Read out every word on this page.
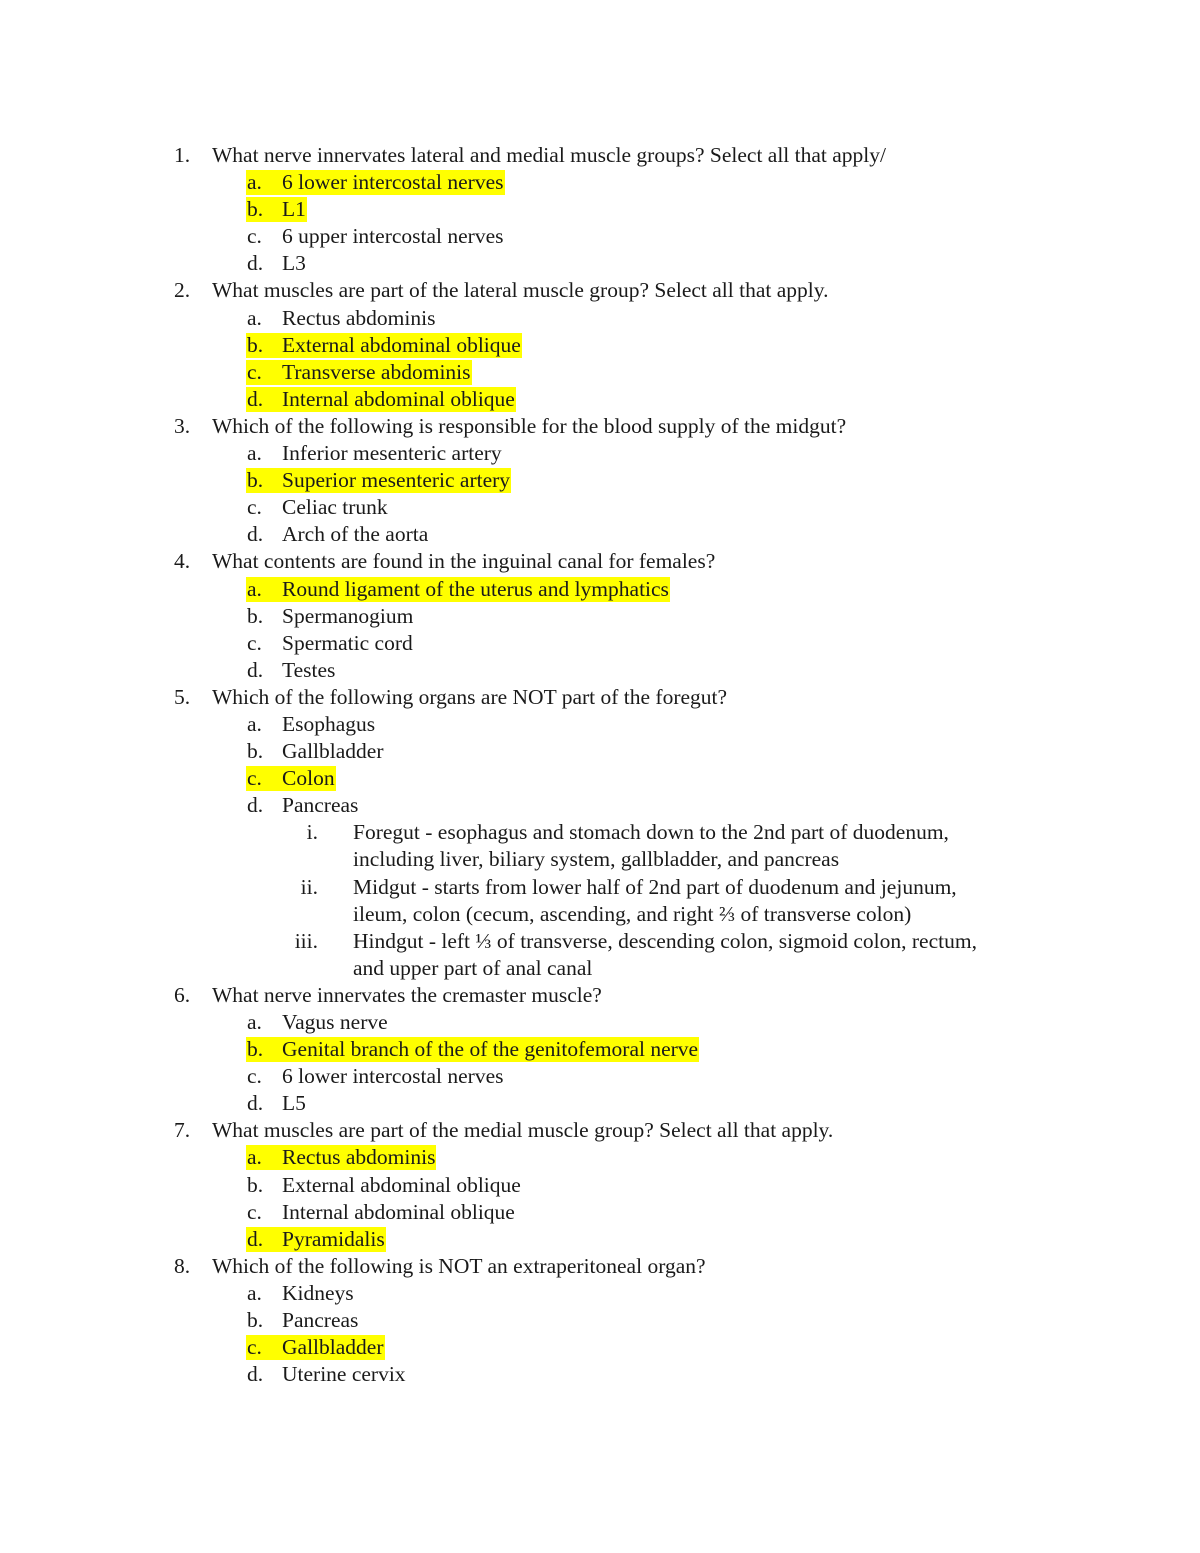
1. What nerve innervates lateral and medial muscle groups? Select all that apply/
a. 6 lower intercostal nerves
b. L1
c. 6 upper intercostal nerves
d. L3
2. What muscles are part of the lateral muscle group? Select all that apply.
a. Rectus abdominis
b. External abdominal oblique
c. Transverse abdominis
d. Internal abdominal oblique
3. Which of the following is responsible for the blood supply of the midgut?
a. Inferior mesenteric artery
b. Superior mesenteric artery
c. Celiac trunk
d. Arch of the aorta
4. What contents are found in the inguinal canal for females?
a. Round ligament of the uterus and lymphatics
b. Spermanogium
c. Spermatic cord
d. Testes
5. Which of the following organs are NOT part of the foregut?
a. Esophagus
b. Gallbladder
c. Colon
d. Pancreas
i. Foregut - esophagus and stomach down to the 2nd part of duodenum,
including liver, biliary system, gallbladder, and pancreas
ii. Midgut - starts from lower half of 2nd part of duodenum and jejunum,
ileum, colon (cecum, ascending, and right ⅔ of transverse colon)
iii. Hindgut - left ⅓ of transverse, descending colon, sigmoid colon, rectum,
and upper part of anal canal
6. What nerve innervates the cremaster muscle?
a. Vagus nerve
b. Genital branch of the of the genitofemoral nerve
c. 6 lower intercostal nerves
d. L5
7. What muscles are part of the medial muscle group? Select all that apply.
a. Rectus abdominis
b. External abdominal oblique
c. Internal abdominal oblique
d. Pyramidalis
8. Which of the following is NOT an extraperitoneal organ?
a. Kidneys
b. Pancreas
c. Gallbladder
d. Uterine cervix
